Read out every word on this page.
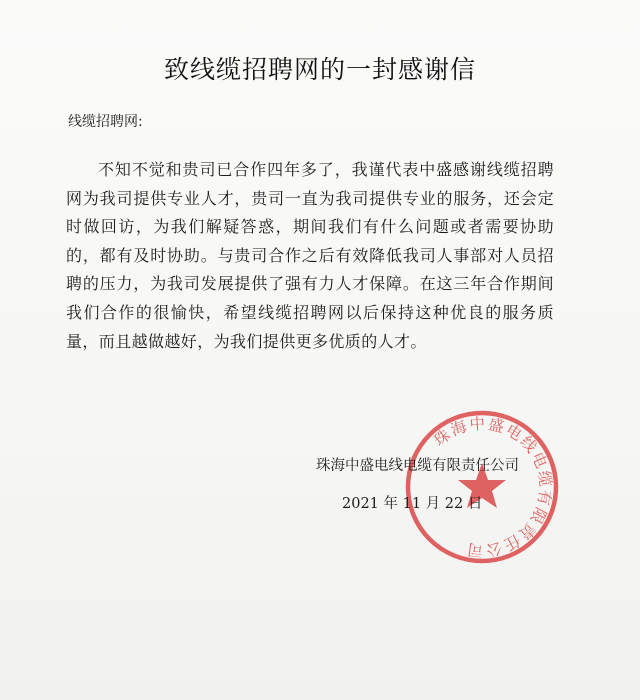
致线缆招聘网的一封感谢信
线缆招聘网:
不知不觉和贵司已合作四年多了，我谨代表中盛感谢线缆招聘网为我司提供专业人才，贵司一直为我司提供专业的服务，还会定时做回访，为我们解疑答惑，期间我们有什么问题或者需要协助的，都有及时协助。与贵司合作之后有效降低我司人事部对人员招聘的压力，为我司发展提供了强有力人才保障。在这三年合作期间我们合作的很愉快，希望线缆招聘网以后保持这种优良的服务质量，而且越做越好，为我们提供更多优质的人才。
珠海中盛电线电缆有限责任公司
珠海中盛电线电缆有限责任公司
2021 年 11 月 22 日
